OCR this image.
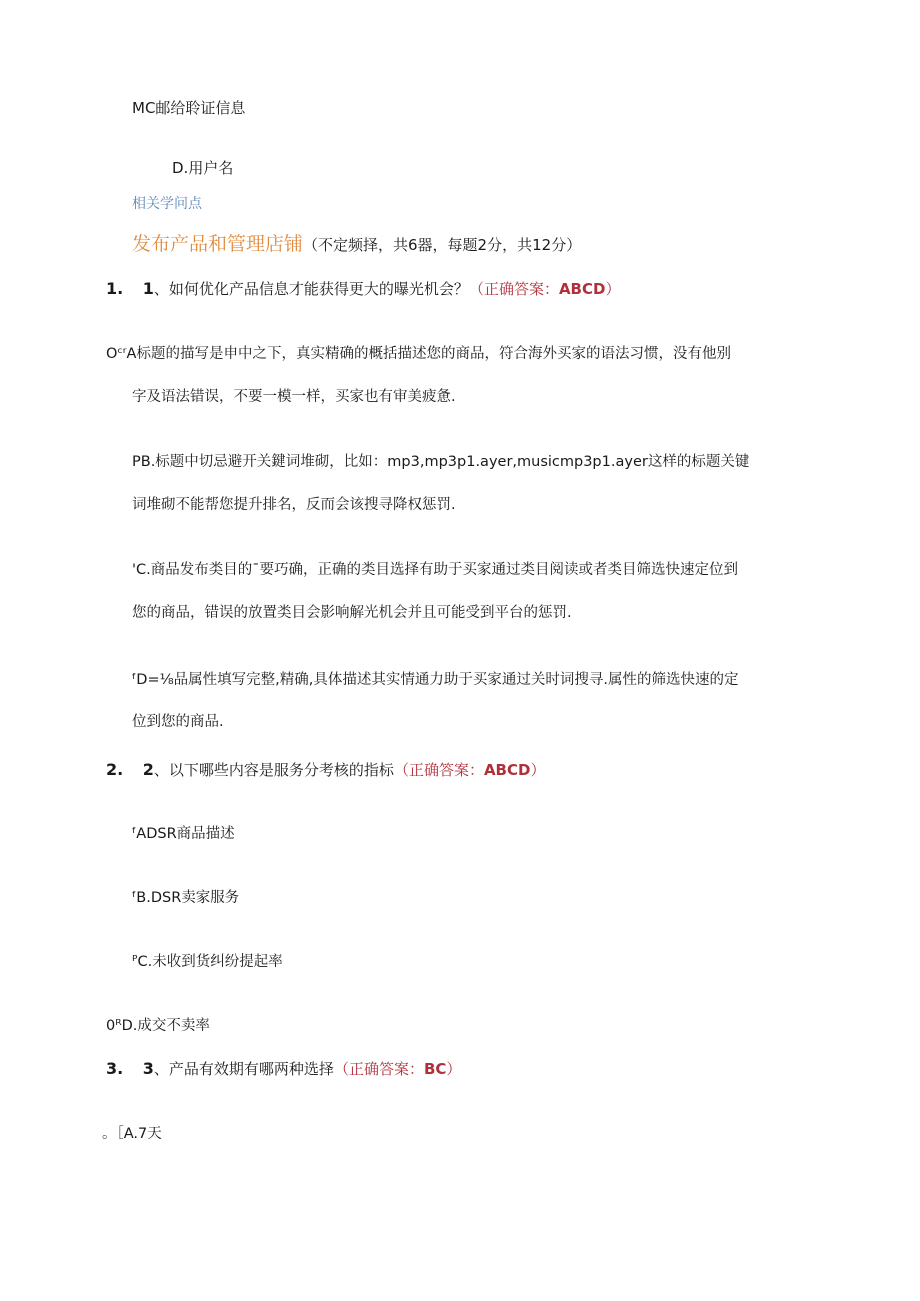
MC邮给聆证信息
D.用户名
相关学问点
发布产品和管理店铺（不定频择，共6器，每题2分，共12分）
1. 1、如何优化产品信息才能获得更大的曝光机会？（正确答案：ABCD）
OᶜʳA标题的描写是申中之下，真实精确的概括描述您的商品，符合海外买家的语法习惯，没有他别
字及语法错误，不要一模一样，买家也有审美疲惫.
PB.标题中切忌避开关鍵词堆砌，比如：mp3,mp3p1.ayer,musicmp3p1.ayer这样的标题关键
词堆砌不能帮您提升排名，反而会该搜寻降权惩罚.
'C.商品发布类目的ˉ要巧确，正确的类目选择有助于买家通过类目阅读或者类目筛选快速定位到
您的商品，错误的放置类目会影响解光机会并且可能受到平台的惩罚.
ᶠD=⅛品属性填写完整,精确,具体描述其实情通力助于买家通过关时词搜寻.属性的筛选快速的定
位到您的商品.
2. 2、以下哪些内容是服务分考核的指标（正确答案：ABCD）
ᶠADSR商品描述
ᶠB.DSR卖家服务
ᴾC.未收到货纠纷提起率
0ᴿD.成交不卖率
3. 3、产品有效期有哪两种选择（正确答案：BC）
。［A.7天
